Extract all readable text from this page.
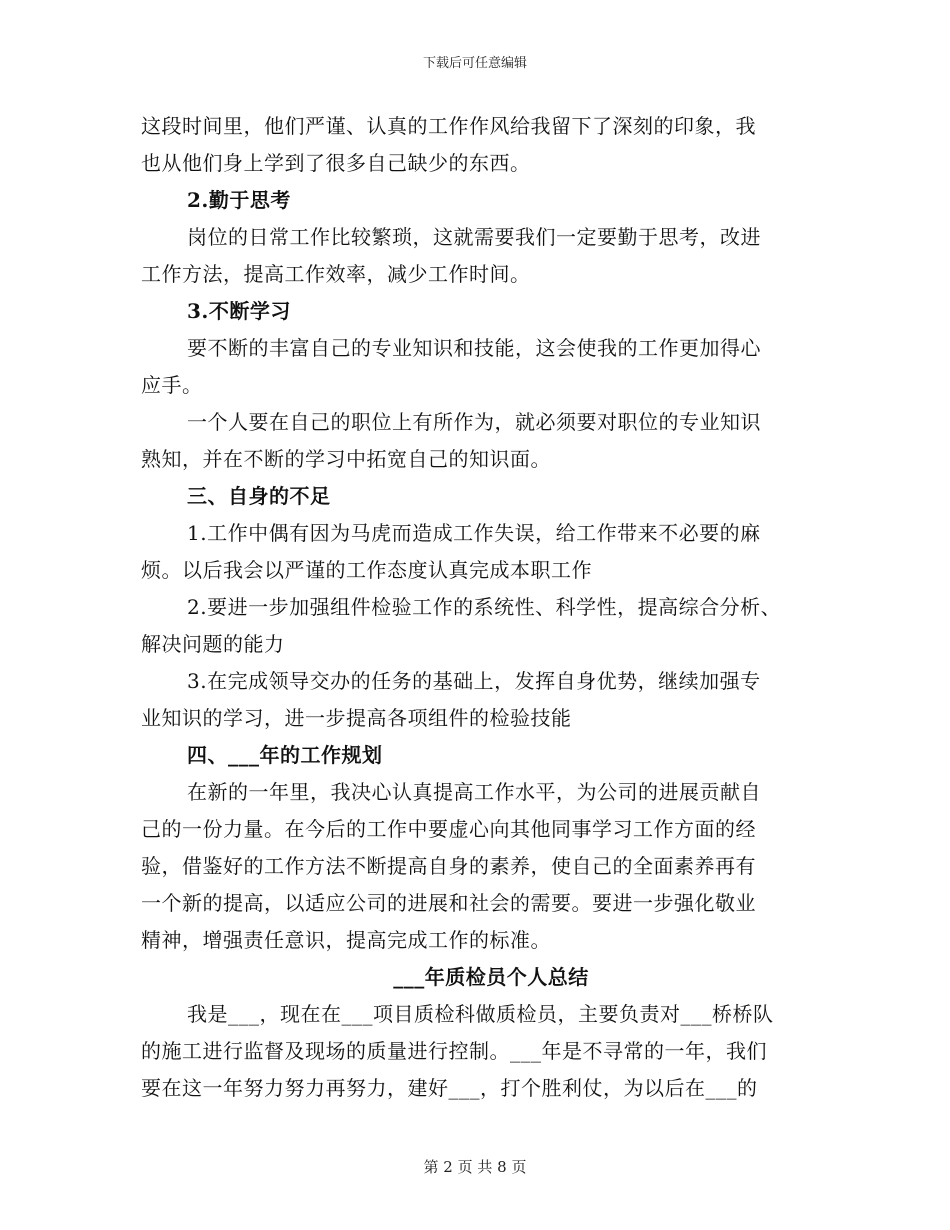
下载后可任意编辑
这段时间里，他们严谨、认真的工作作风给我留下了深刻的印象，我
也从他们身上学到了很多自己缺少的东西。
2.勤于思考
岗位的日常工作比较繁琐，这就需要我们一定要勤于思考，改进
工作方法，提高工作效率，减少工作时间。
3.不断学习
要不断的丰富自己的专业知识和技能，这会使我的工作更加得心
应手。
一个人要在自己的职位上有所作为，就必须要对职位的专业知识
熟知，并在不断的学习中拓宽自己的知识面。
三、自身的不足
1.工作中偶有因为马虎而造成工作失误，给工作带来不必要的麻
烦。以后我会以严谨的工作态度认真完成本职工作
2.要进一步加强组件检验工作的系统性、科学性，提高综合分析、
解决问题的能力
3.在完成领导交办的任务的基础上，发挥自身优势，继续加强专
业知识的学习，进一步提高各项组件的检验技能
四、___年的工作规划
在新的一年里，我决心认真提高工作水平，为公司的进展贡献自
己的一份力量。在今后的工作中要虚心向其他同事学习工作方面的经
验，借鉴好的工作方法不断提高自身的素养，使自己的全面素养再有
一个新的提高，以适应公司的进展和社会的需要。要进一步强化敬业
精神，增强责任意识，提高完成工作的标准。
___年质检员个人总结
我是___，现在在___项目质检科做质检员，主要负责对___桥桥队
的施工进行监督及现场的质量进行控制。___年是不寻常的一年，我们
要在这一年努力努力再努力，建好___，打个胜利仗，为以后在___的
第 2 页 共 8 页
